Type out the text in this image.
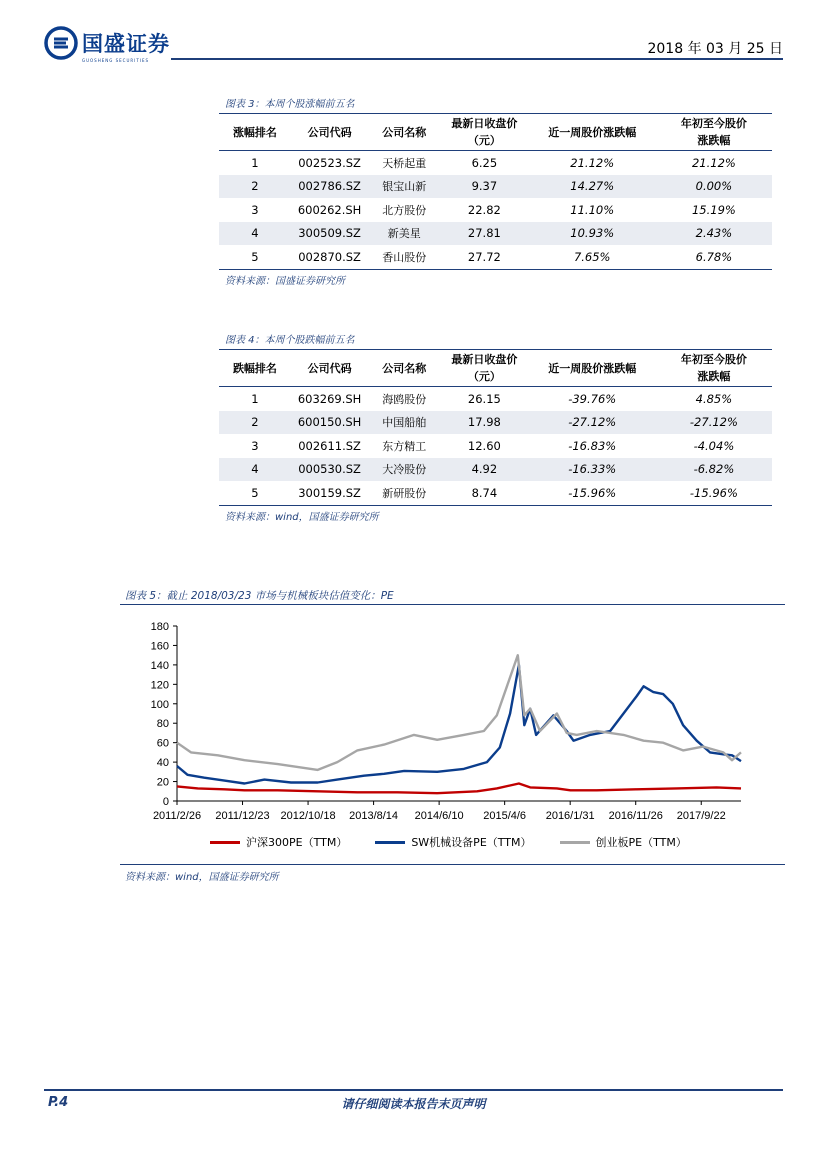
国盛证券
GUOSHENG SECURITIES
2018 年 03 月 25 日
图表 3：本周个股涨幅前五名
涨幅排名	公司代码	公司名称	最新日收盘价
（元）	近一周股价涨跌幅	年初至今股价
涨跌幅
1	002523.SZ	天桥起重	6.25	21.12%	21.12%
2	002786.SZ	银宝山新	9.37	14.27%	0.00%
3	600262.SH	北方股份	22.82	11.10%	15.19%
4	300509.SZ	新美星	27.81	10.93%	2.43%
5	002870.SZ	香山股份	27.72	7.65%	6.78%
资料来源：国盛证券研究所
图表 4：本周个股跌幅前五名
跌幅排名	公司代码	公司名称	最新日收盘价
（元）	近一周股价涨跌幅	年初至今股价
涨跌幅
1	603269.SH	海鸥股份	26.15	-39.76%	4.85%
2	600150.SH	中国船舶	17.98	-27.12%	-27.12%
3	002611.SZ	东方精工	12.60	-16.83%	-4.04%
4	000530.SZ	大冷股份	4.92	-16.33%	-6.82%
5	300159.SZ	新研股份	8.74	-15.96%	-15.96%
资料来源：wind，国盛证券研究所
图表 5：截止 2018/03/23 市场与机械板块估值变化：PE
0
20
40
60
80
100
120
140
160
180
2011/2/26 2011/12/23 2012/10/18 2013/8/14 2014/6/10 2015/4/6 2016/1/31 2016/11/26 2017/9/22
沪深300PE（TTM）	SW机械设备PE（TTM）	创业板PE（TTM）
资料来源：wind，国盛证券研究所
P.4	请仔细阅读本报告末页声明
